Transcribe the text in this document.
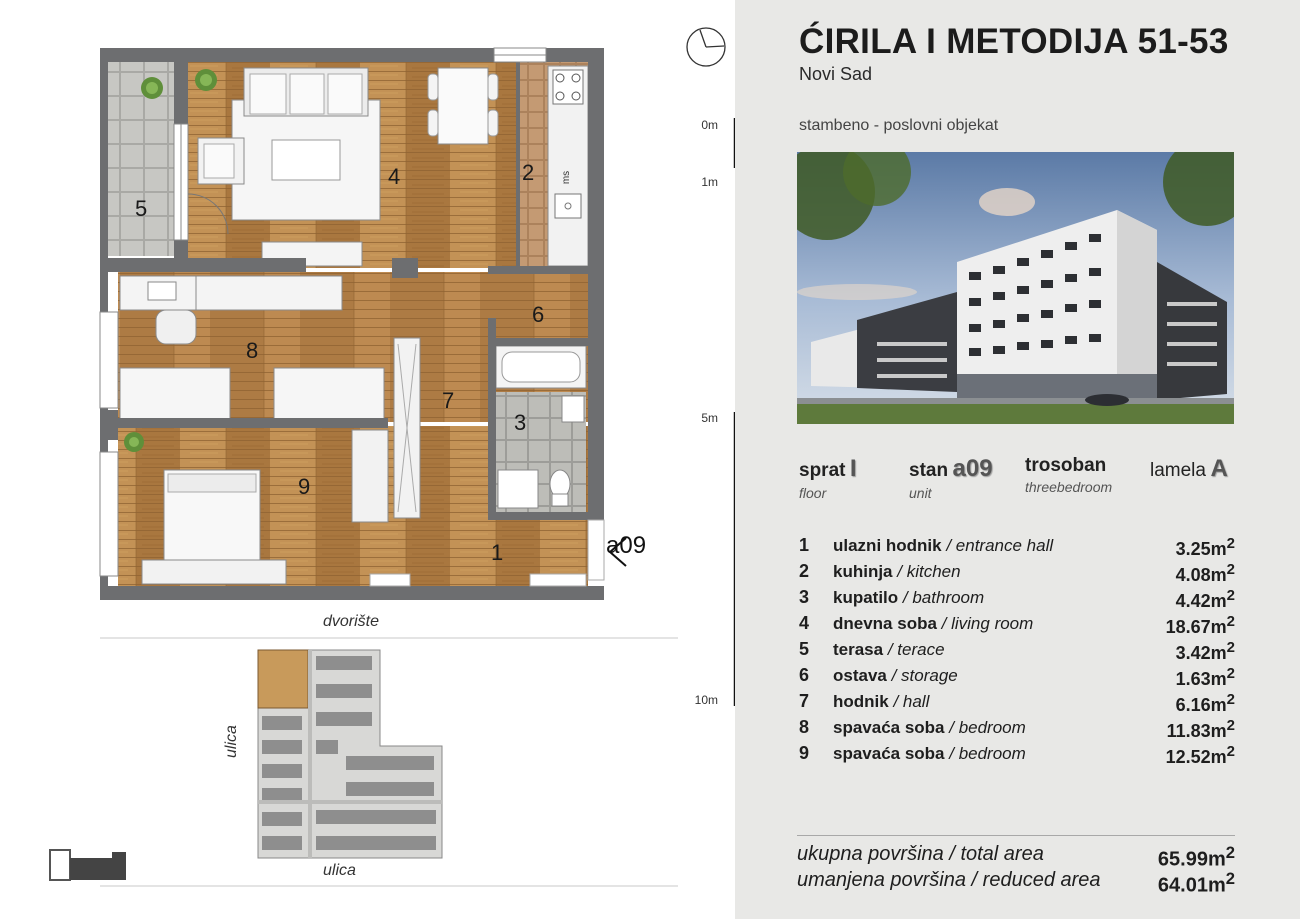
4	2
5
6
8
7
3
9
1
ms
a09
dvorište
ulica
ulica
0m
1m
5m
10m
ĆIRILA I METODIJA 51-53
Novi Sad
stambeno - poslovni objekat
sprat I
floor
stan a09
unit
trosoban
threebedroom
lamela A
1 ulazni hodnik / entrance hall	$3.25m^2$
2 kuhinja / kitchen	$4.08m^2$
3 kupatilo / bathroom	$4.42m^2$
4 dnevna soba / living room	$18.67m^2$
5 terasa / terace	$3.42m^2$
6 ostava / storage	$1.63m^2$
7 hodnik / hall	$6.16m^2$
8 spavaća soba / bedroom	$11.83m^2$
9 spavaća soba / bedroom	$12.52m^2$
ukupna površina / total area	$65.99m^2$
umanjena površina / reduced area	$64.01m^2$
